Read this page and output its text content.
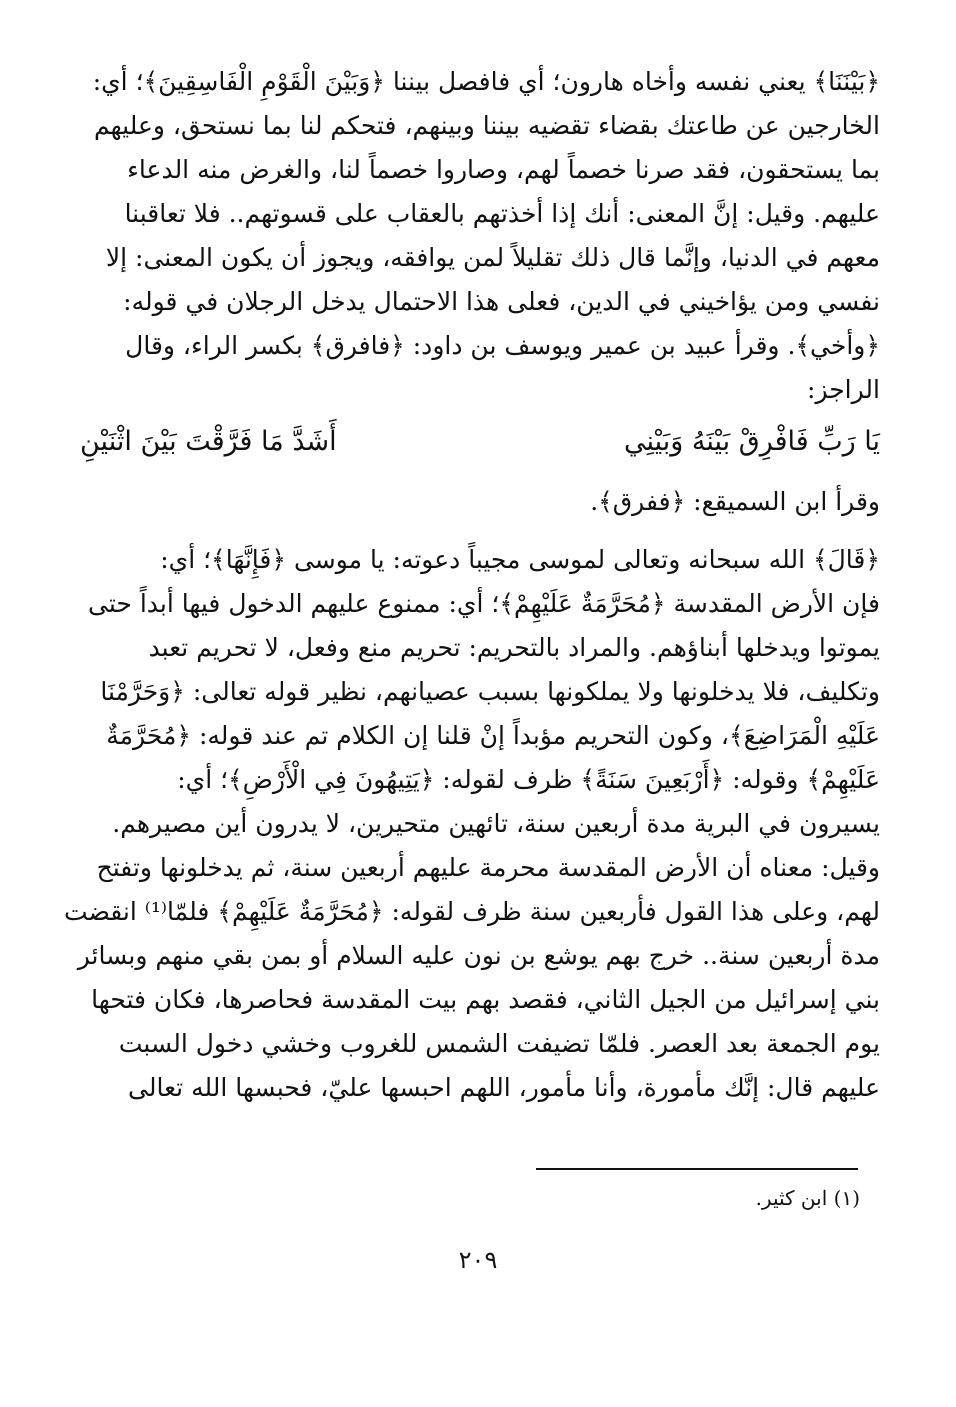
﴿بَيْنَنَا﴾ يعني نفسه وأخاه هارون؛ أي فافصل بيننا ﴿وَبَيْنَ الْقَوْمِ الْفَاسِقِينَ﴾؛ أي:
الخارجين عن طاعتك بقضاء تقضيه بيننا وبينهم، فتحكم لنا بما نستحق، وعليهم
بما يستحقون، فقد صرنا خصماً لهم، وصاروا خصماً لنا، والغرض منه الدعاء
عليهم. وقيل: إنَّ المعنى: أنك إذا أخذتهم بالعقاب على قسوتهم.. فلا تعاقبنا
معهم في الدنيا، وإنَّما قال ذلك تقليلاً لمن يوافقه، ويجوز أن يكون المعنى: إلا
نفسي ومن يؤاخيني في الدين، فعلى هذا الاحتمال يدخل الرجلان في قوله:
﴿وأخي﴾. وقرأ عبيد بن عمير ويوسف بن داود: ﴿فافرق﴾ بكسر الراء، وقال
الراجز:

يَا رَبِّ فَافْرِقْ بَيْنَهُ وَبَيْنِي
أَشَدَّ مَا فَرَّقْتَ بَيْنَ اثْنَيْنِ

وقرأ ابن السميقع: ﴿ففرق﴾.

﴿قَالَ﴾ الله سبحانه وتعالى لموسى مجيباً دعوته: يا موسى ﴿فَإِنَّهَا﴾؛ أي:
فإن الأرض المقدسة ﴿مُحَرَّمَةٌ عَلَيْهِمْ﴾؛ أي: ممنوع عليهم الدخول فيها أبداً حتى
يموتوا ويدخلها أبناؤهم. والمراد بالتحريم: تحريم منع وفعل، لا تحريم تعبد
وتكليف، فلا يدخلونها ولا يملكونها بسبب عصيانهم، نظير قوله تعالى: ﴿وَحَرَّمْنَا
عَلَيْهِ الْمَرَاضِعَ﴾، وكون التحريم مؤبداً إنْ قلنا إن الكلام تم عند قوله: ﴿مُحَرَّمَةٌ
عَلَيْهِمْ﴾ وقوله: ﴿أَرْبَعِينَ سَنَةً﴾ ظرف لقوله: ﴿يَتِيهُونَ فِي الْأَرْضِ﴾؛ أي:
يسيرون في البرية مدة أربعين سنة، تائهين متحيرين، لا يدرون أين مصيرهم.
وقيل: معناه أن الأرض المقدسة محرمة عليهم أربعين سنة، ثم يدخلونها وتفتح
لهم، وعلى هذا القول فأربعين سنة ظرف لقوله: ﴿مُحَرَّمَةٌ عَلَيْهِمْ﴾ فلمّا⁽¹⁾ انقضت
مدة أربعين سنة.. خرج بهم يوشع بن نون عليه السلام أو بمن بقي منهم وبسائر
بني إسرائيل من الجيل الثاني، فقصد بهم بيت المقدسة فحاصرها، فكان فتحها
يوم الجمعة بعد العصر. فلمّا تضيفت الشمس للغروب وخشي دخول السبت
عليهم قال: إنَّك مأمورة، وأنا مأمور، اللهم احبسها عليّ، فحبسها الله تعالى

(١) ابن كثير.
٢٠٩
